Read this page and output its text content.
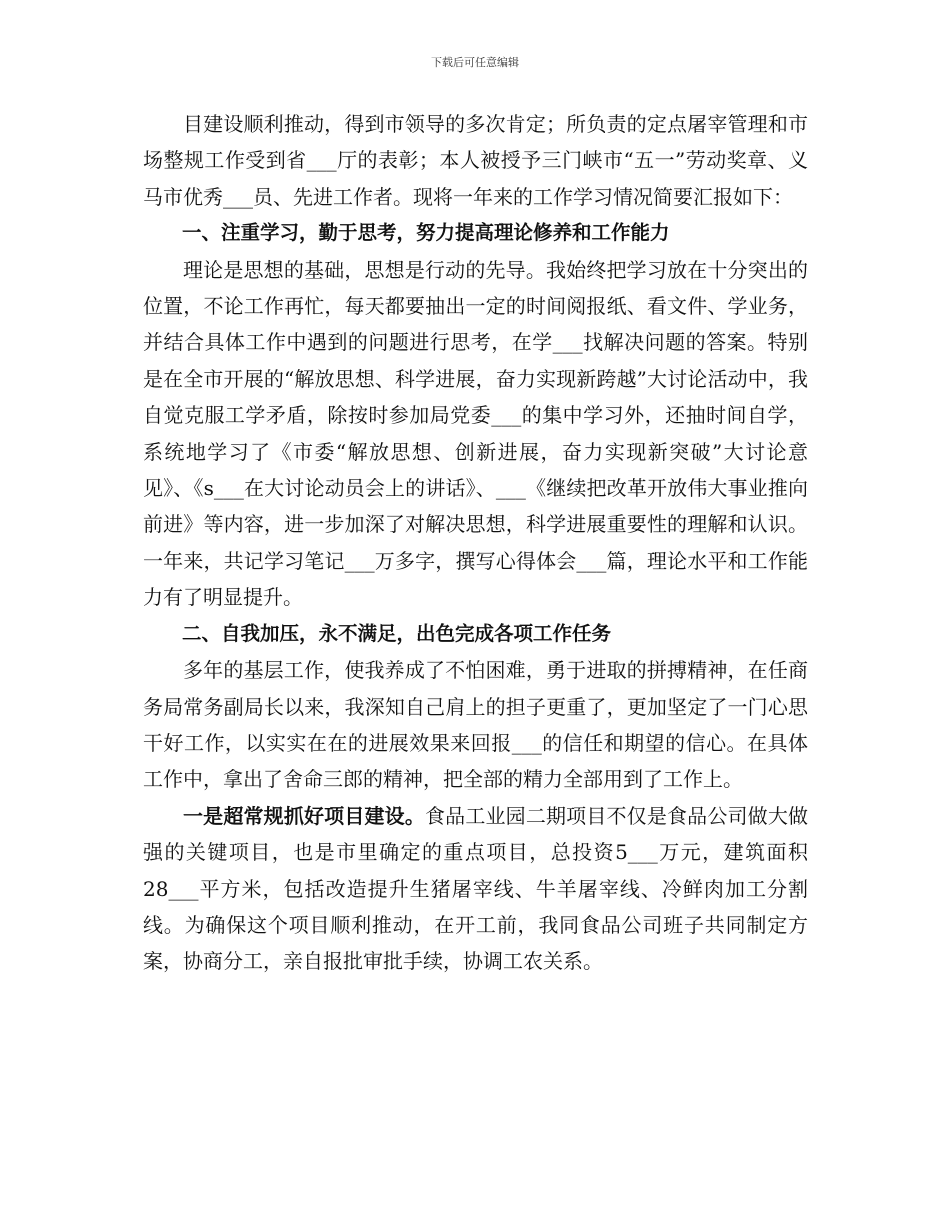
下载后可任意编辑

目建设顺利推动，得到市领导的多次肯定；所负责的定点屠宰管理和市场整规工作受到省___厅的表彰；本人被授予三门峡市“五一”劳动奖章、义马市优秀___员、先进工作者。现将一年来的工作学习情况简要汇报如下：

一、注重学习，勤于思考，努力提高理论修养和工作能力

理论是思想的基础，思想是行动的先导。我始终把学习放在十分突出的位置，不论工作再忙，每天都要抽出一定的时间阅报纸、看文件、学业务，并结合具体工作中遇到的问题进行思考，在学___找解决问题的答案。特别是在全市开展的“解放思想、科学进展，奋力实现新跨越”大讨论活动中，我自觉克服工学矛盾，除按时参加局党委___的集中学习外，还抽时间自学，系统地学习了《市委“解放思想、创新进展，奋力实现新突破”大讨论意见》、《s___在大讨论动员会上的讲话》、___《继续把改革开放伟大事业推向前进》等内容，进一步加深了对解决思想，科学进展重要性的理解和认识。一年来，共记学习笔记___万多字，撰写心得体会___篇，理论水平和工作能力有了明显提升。

二、自我加压，永不满足，出色完成各项工作任务

多年的基层工作，使我养成了不怕困难，勇于进取的拼搏精神，在任商务局常务副局长以来，我深知自己肩上的担子更重了，更加坚定了一门心思干好工作，以实实在在的进展效果来回报___的信任和期望的信心。在具体工作中，拿出了舍命三郎的精神，把全部的精力全部用到了工作上。

一是超常规抓好项目建设。食品工业园二期项目不仅是食品公司做大做强的关键项目，也是市里确定的重点项目，总投资5___万元，建筑面积28___平方米，包括改造提升生猪屠宰线、牛羊屠宰线、冷鲜肉加工分割线。为确保这个项目顺利推动，在开工前，我同食品公司班子共同制定方案，协商分工，亲自报批审批手续，协调工农关系。
